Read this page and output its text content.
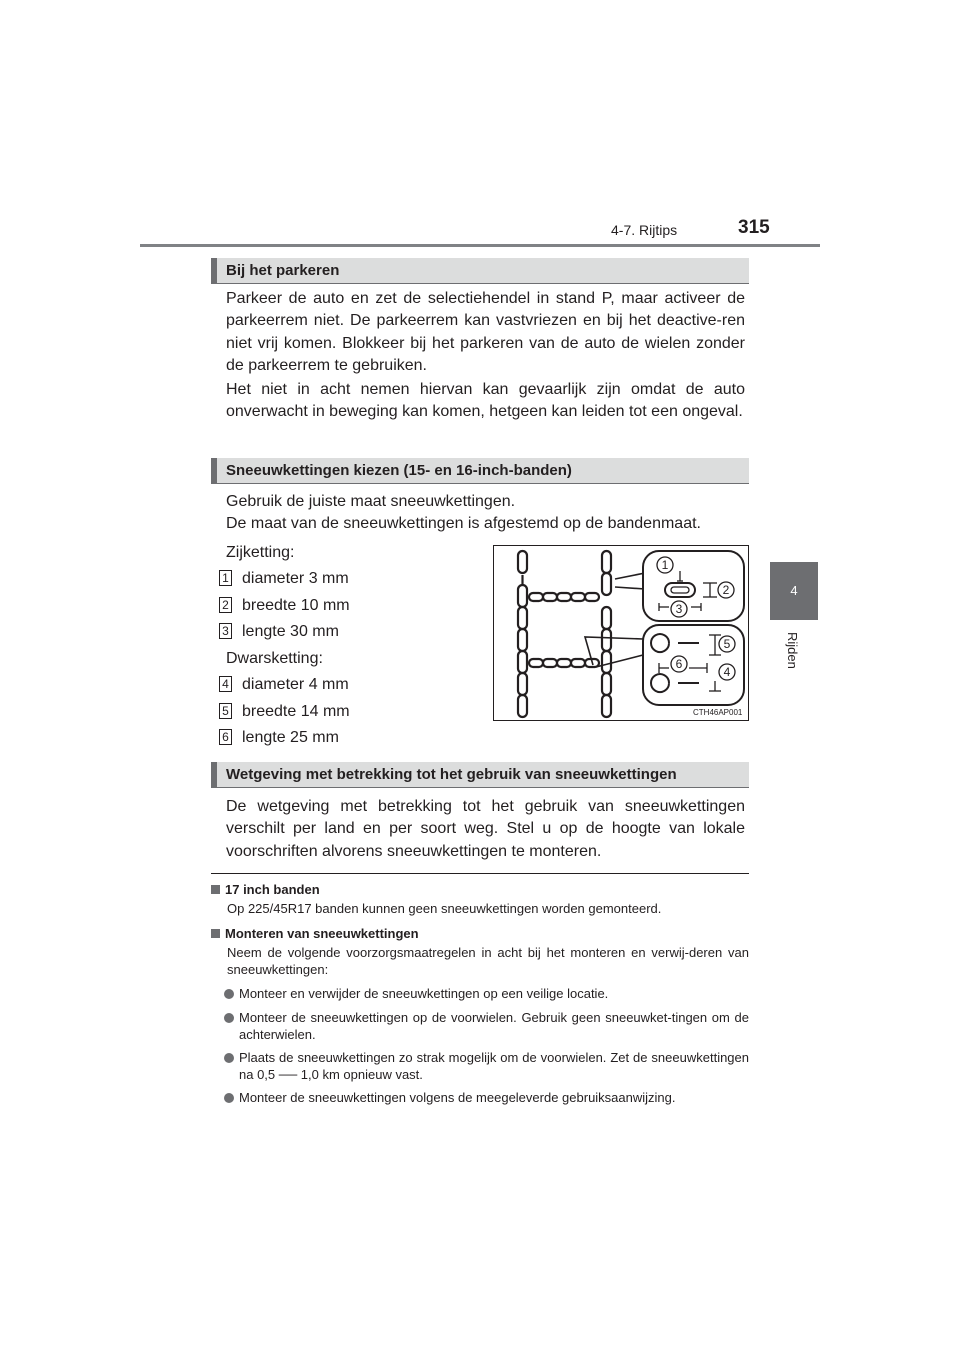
4-7. Rijtips	315
4
Rijden
Bij het parkeren
Parkeer de auto en zet de selectiehendel in stand P, maar activeer de parkeerrem niet. De parkeerrem kan vastvriezen en bij het deactive-ren niet vrij komen. Blokkeer bij het parkeren van de auto de wielen zonder de parkeerrem te gebruiken.
Het niet in acht nemen hiervan kan gevaarlijk zijn omdat de auto onverwacht in beweging kan komen, hetgeen kan leiden tot een ongeval.
Sneeuwkettingen kiezen (15- en 16-inch-banden)
Gebruik de juiste maat sneeuwkettingen.
De maat van de sneeuwkettingen is afgestemd op de bandenmaat.
Zijketting:
1 diameter 3 mm
2 breedte 10 mm
3 lengte 30 mm
Dwarsketting:
4 diameter 4 mm
5 breedte 14 mm
6 lengte 25 mm
1
2
3
5
6
4
CTH46AP001
Wetgeving met betrekking tot het gebruik van sneeuwkettingen
De wetgeving met betrekking tot het gebruik van sneeuwkettingen verschilt per land en per soort weg. Stel u op de hoogte van lokale voorschriften alvorens sneeuwkettingen te monteren.
17 inch banden
Op 225/45R17 banden kunnen geen sneeuwkettingen worden gemonteerd.
Monteren van sneeuwkettingen
Neem de volgende voorzorgsmaatregelen in acht bij het monteren en verwij-deren van sneeuwkettingen:
Monteer en verwijder de sneeuwkettingen op een veilige locatie.
Monteer de sneeuwkettingen op de voorwielen. Gebruik geen sneeuwket-tingen om de achterwielen.
Plaats de sneeuwkettingen zo strak mogelijk om de voorwielen. Zet de sneeuwkettingen na 0,5 ── 1,0 km opnieuw vast.
Monteer de sneeuwkettingen volgens de meegeleverde gebruiksaanwijzing.
